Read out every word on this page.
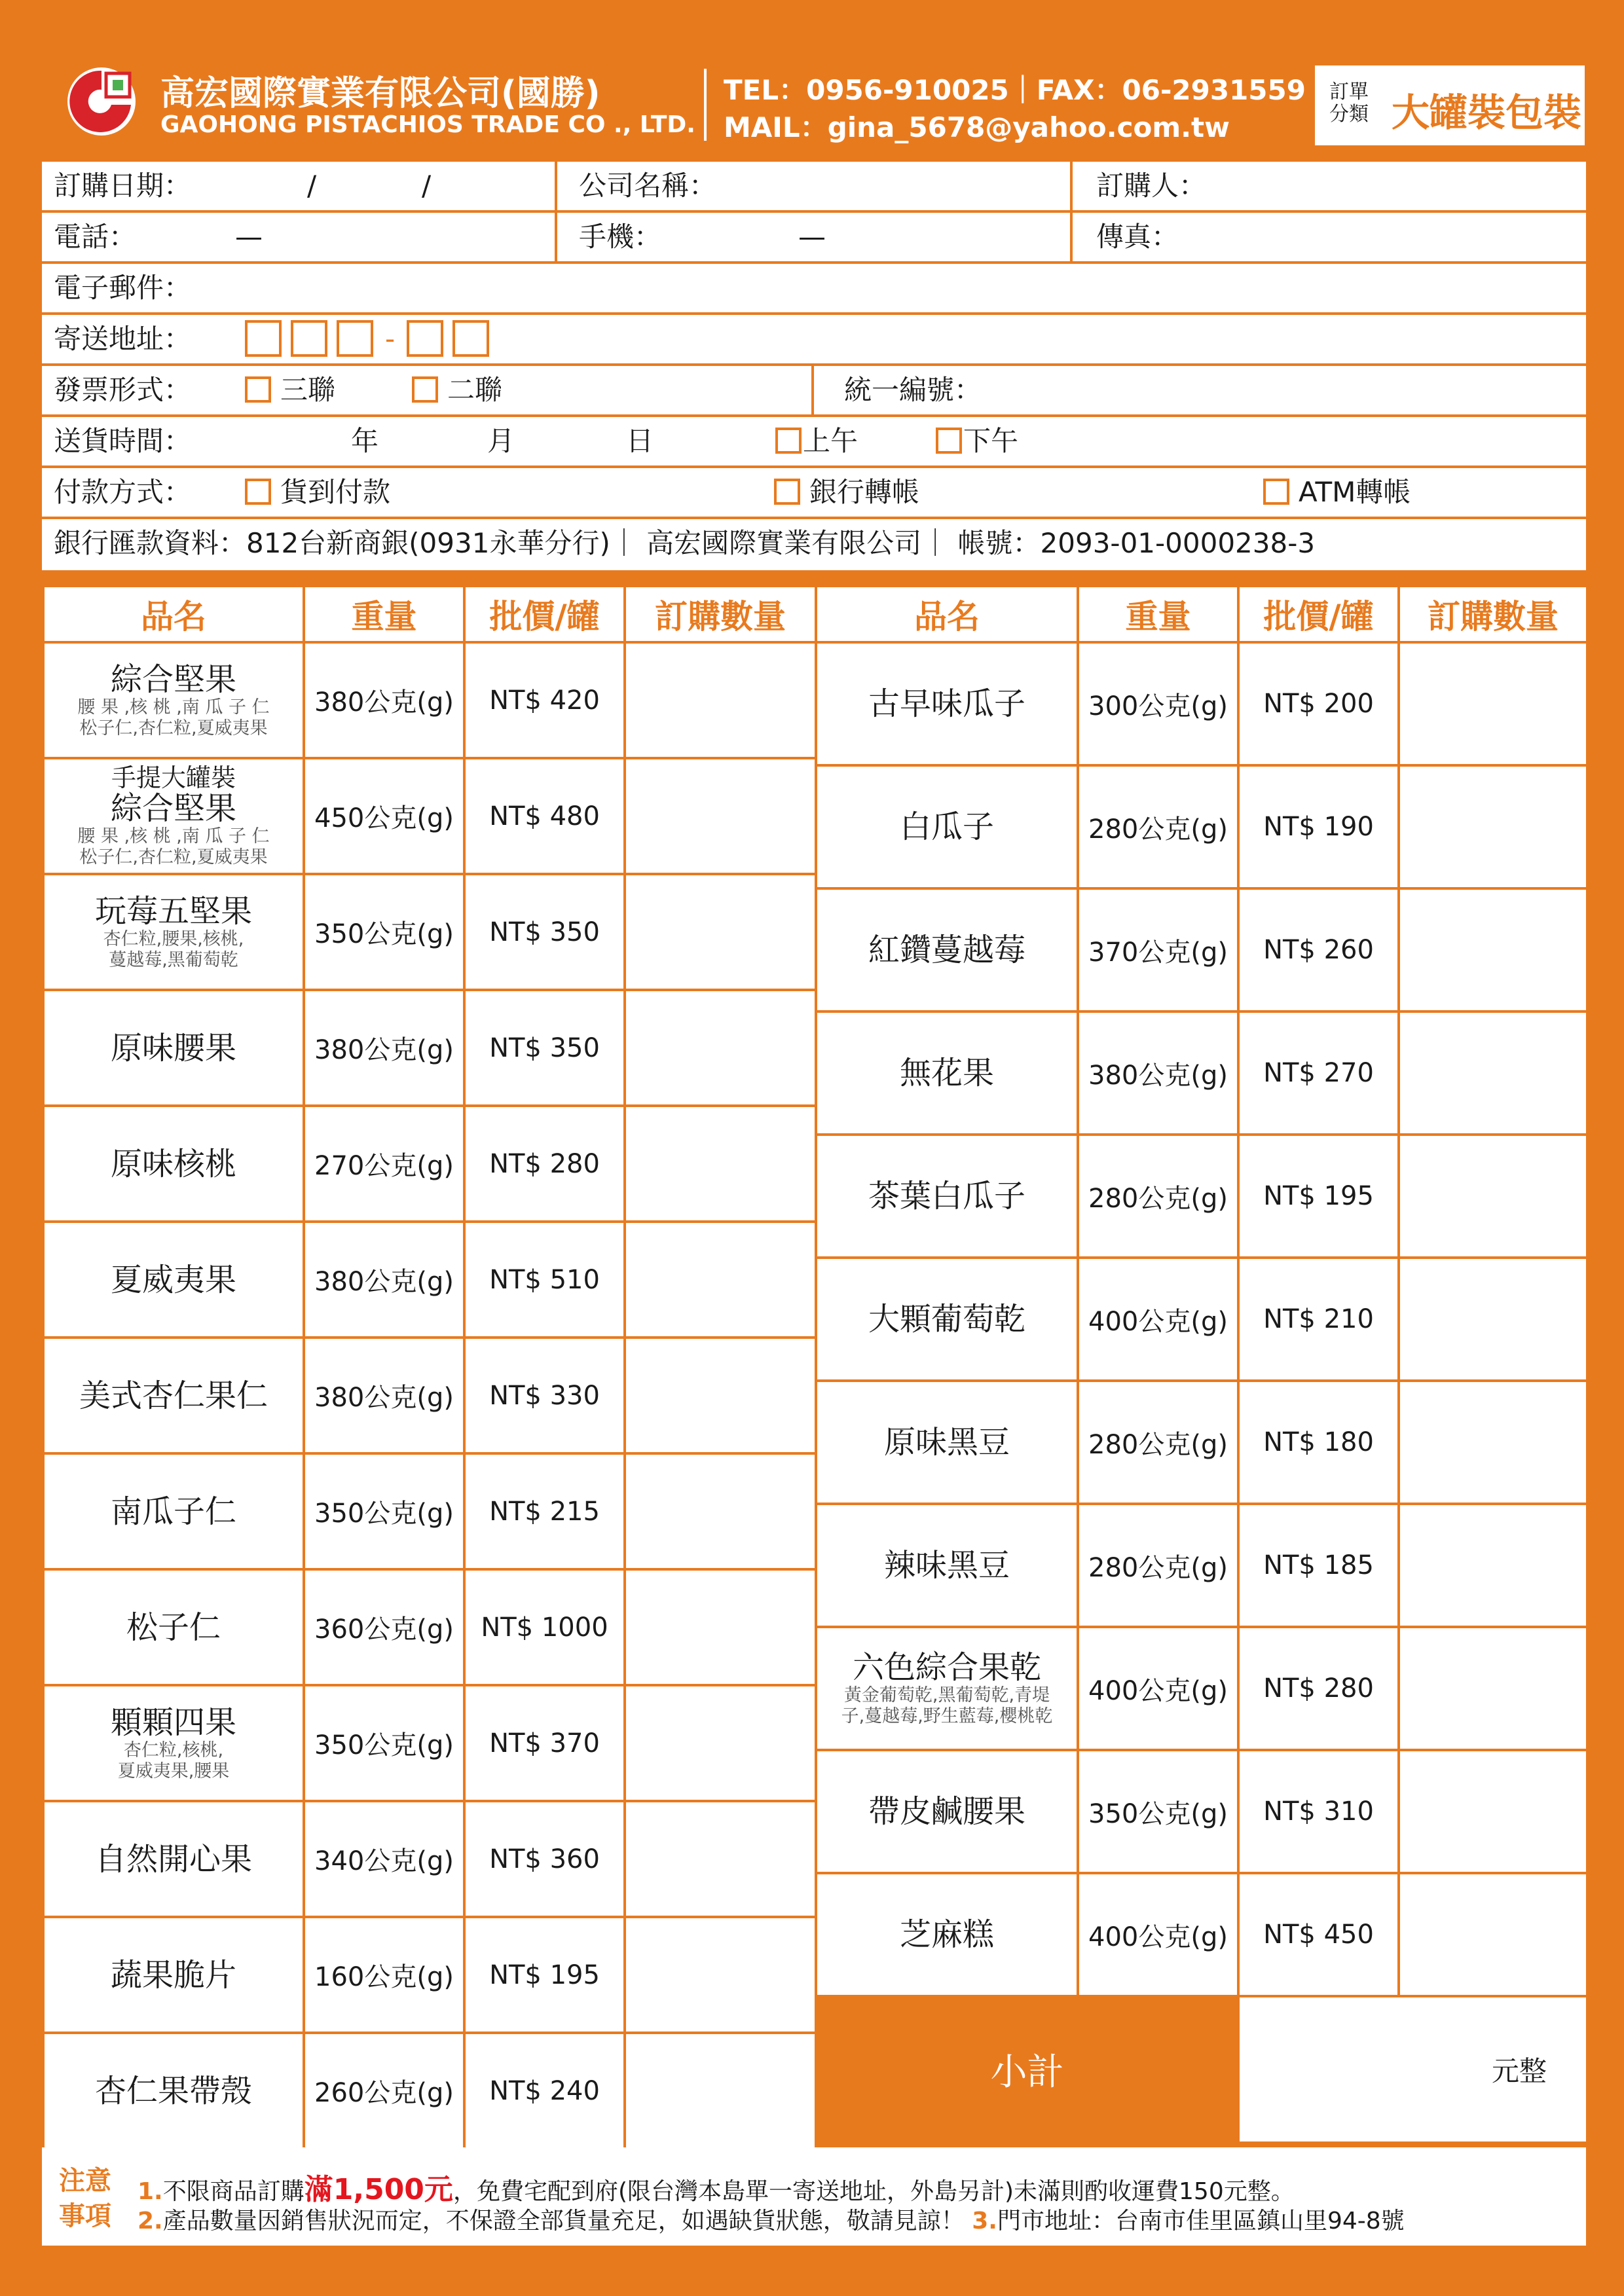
高宏國際實業有限公司(國勝)
GAOHONG PISTACHIOS TRADE CO ., LTD.
TEL：0956-910025｜FAX：06-2931559
MAIL：gina_5678@yahoo.com.tw
訂單分類 大罐裝包裝
訂購日期：	/	/	公司名稱：	訂購人：
電話：	—	手機：	—	傳真：
電子郵件：
寄送地址：	-
發票形式：	三聯	二聯	統一編號：
送貨時間：	年	月	日	上午	下午
付款方式：	貨到付款	銀行轉帳	ATM轉帳
銀行匯款資料：812台新商銀(0931永華分行)｜ 高宏國際實業有限公司｜ 帳號：2093-01-0000238-3
品名	重量	批價/罐	訂購數量

綜合堅果
腰 果 ,核 桃 ,南 瓜 子 仁
松子仁,杏仁粒,夏威夷果	380公克(g)	NT$ 420	

手提大罐裝
綜合堅果
腰 果 ,核 桃 ,南 瓜 子 仁
松子仁,杏仁粒,夏威夷果	450公克(g)	NT$ 480	

玩莓五堅果
杏仁粒,腰果,核桃,
蔓越莓,黑葡萄乾	350公克(g)	NT$ 350	

原味腰果	380公克(g)	NT$ 350	

原味核桃	270公克(g)	NT$ 280	

夏威夷果	380公克(g)	NT$ 510	

美式杏仁果仁	380公克(g)	NT$ 330	

南瓜子仁	350公克(g)	NT$ 215	

松子仁	360公克(g)	NT$ 1000	

顆顆四果
杏仁粒,核桃,
夏威夷果,腰果	350公克(g)	NT$ 370	

自然開心果	340公克(g)	NT$ 360	

蔬果脆片	160公克(g)	NT$ 195	

杏仁果帶殼	260公克(g)	NT$ 240	
品名	重量	批價/罐	訂購數量

古早味瓜子	300公克(g)	NT$ 200	

白瓜子	280公克(g)	NT$ 190	

紅鑽蔓越莓	370公克(g)	NT$ 260	

無花果	380公克(g)	NT$ 270	

茶葉白瓜子	280公克(g)	NT$ 195	

大顆葡萄乾	400公克(g)	NT$ 210	

原味黑豆	280公克(g)	NT$ 180	

辣味黑豆	280公克(g)	NT$ 185	

六色綜合果乾
黃金葡萄乾,黑葡萄乾,青堤
子,蔓越莓,野生藍莓,櫻桃乾	400公克(g)	NT$ 280	

帶皮鹹腰果	350公克(g)	NT$ 310	

芝麻糕	400公克(g)	NT$ 450	
小計		元整	
注意事項
1.不限商品訂購滿1,500元，免費宅配到府(限台灣本島單一寄送地址，外島另計)未滿則酌收運費150元整。
2.產品數量因銷售狀況而定，不保證全部貨量充足，如遇缺貨狀態，敬請見諒！ 3.門市地址：台南市佳里區鎮山里94-8號
